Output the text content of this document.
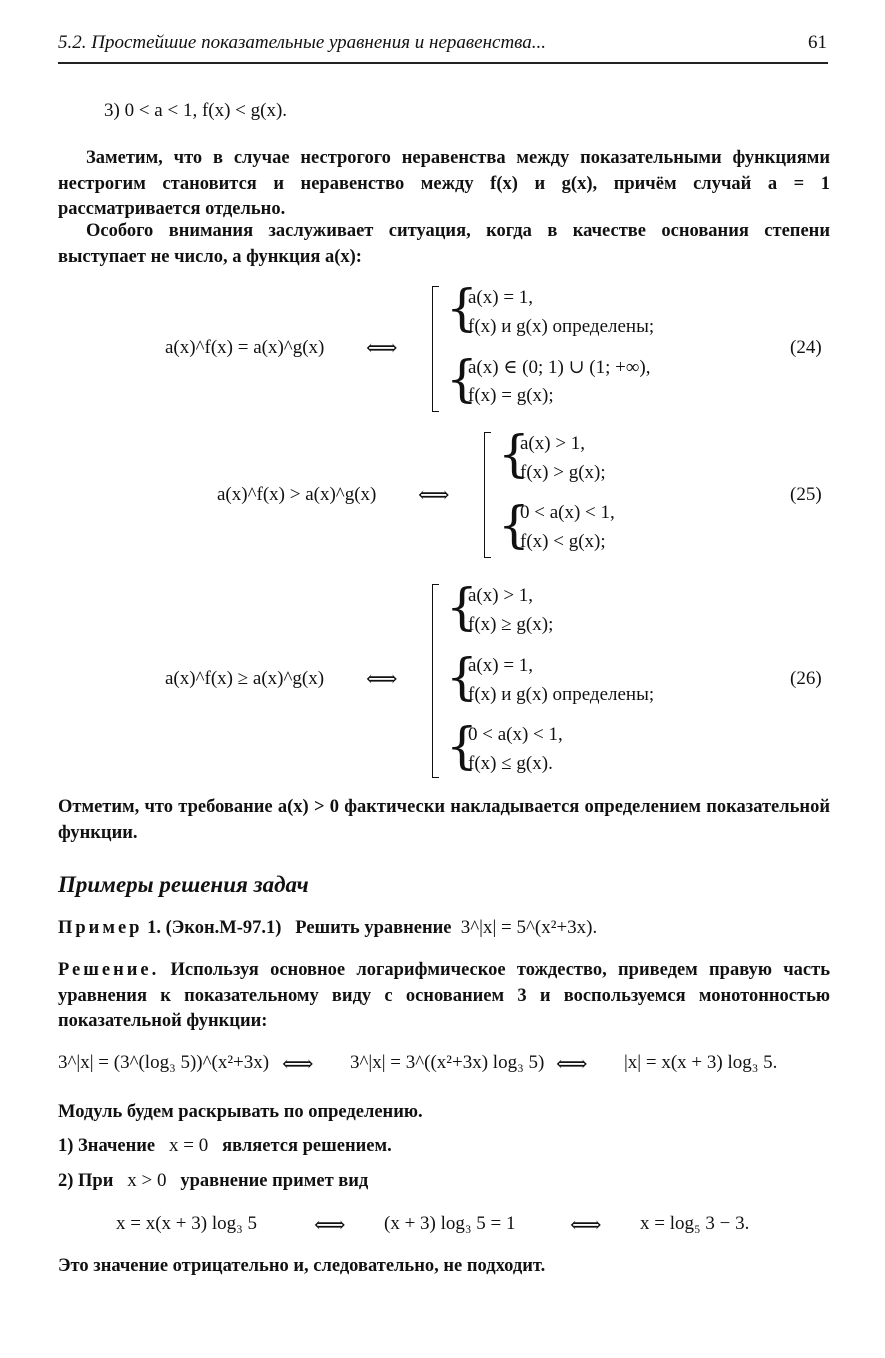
5.2. Простейшие показательные уравнения и неравенства...	61
3) 0 < a < 1, f(x) < g(x).
Заметим, что в случае нестрогого неравенства между показательными функциями нестрогим становится и неравенство между f(x) и g(x), причём случай a = 1 рассматривается отдельно.
Особого внимания заслуживает ситуация, когда в качестве основания степени выступает не число, а функция a(x):
a(x)^f(x) = a(x)^g(x) ⟺
{
a(x) = 1,
f(x) и g(x) определены;
{
a(x) ∈ (0; 1) ∪ (1; +∞),
f(x) = g(x);
(24)
a(x)^f(x) > a(x)^g(x) ⟺
{
a(x) > 1,
f(x) > g(x);
{
0 < a(x) < 1,
f(x) < g(x);
(25)
a(x)^f(x) ≥ a(x)^g(x) ⟺
{
a(x) > 1,
f(x) ≥ g(x);
{
a(x) = 1,
f(x) и g(x) определены;
{
0 < a(x) < 1,
f(x) ≤ g(x).
(26)
Отметим, что требование a(x) > 0 фактически накладывается определением показательной функции.
Примеры решения задач
Пример 1. (Экон.М-97.1) Решить уравнение 3^|x| = 5^(x²+3x).
Решение. Используя основное логарифмическое тождество, приведем правую часть уравнения к показательному виду с основанием 3 и воспользуемся монотонностью показательной функции:
3^|x| = (3^(log₃ 5))^(x²+3x) ⟺ 3^|x| = 3^((x²+3x) log₃ 5) ⟺ |x| = x(x + 3) log₃ 5.
Модуль будем раскрывать по определению.
1) Значение x = 0 является решением.
2) При x > 0 уравнение примет вид
x = x(x + 3) log₃ 5	⟺ (x + 3) log₃ 5 = 1 ⟺ x = log₅ 3 − 3.
Это значение отрицательно и, следовательно, не подходит.
